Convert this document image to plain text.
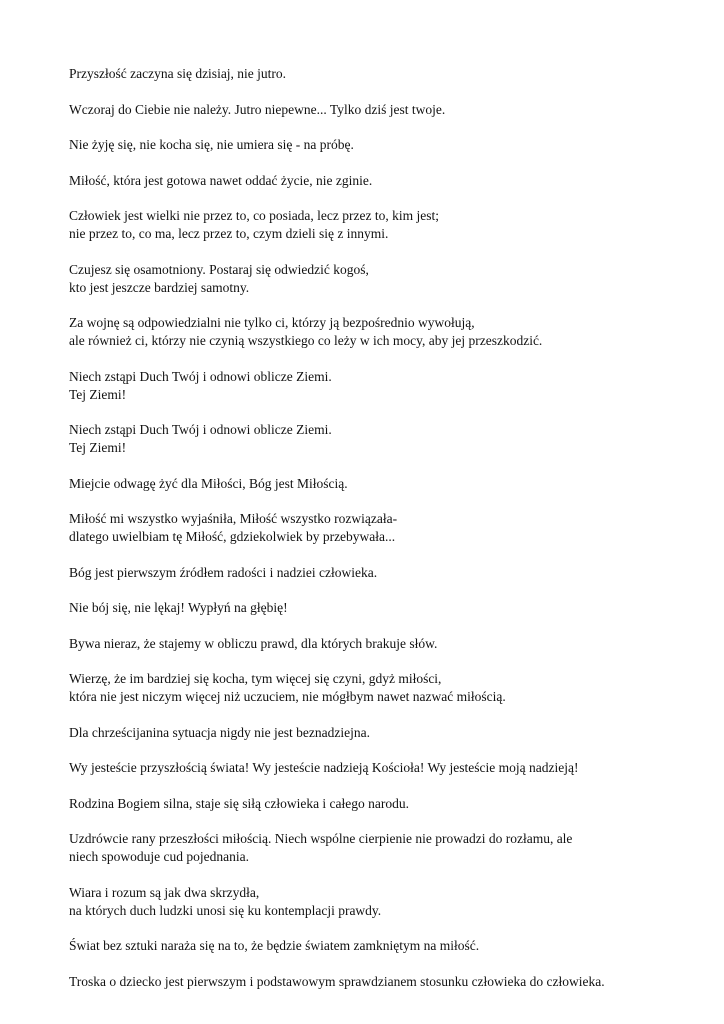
Przyszłość zaczyna się dzisiaj, nie jutro.

Wczoraj do Ciebie nie należy. Jutro niepewne... Tylko dziś jest twoje.

Nie żyję się, nie kocha się, nie umiera się - na próbę.

Miłość, która jest gotowa nawet oddać życie, nie zginie.

Człowiek jest wielki nie przez to, co posiada, lecz przez to, kim jest;
nie przez to, co ma, lecz przez to, czym dzieli się z innymi.

Czujesz się osamotniony. Postaraj się odwiedzić kogoś,
kto jest jeszcze bardziej samotny.

Za wojnę są odpowiedzialni nie tylko ci, którzy ją bezpośrednio wywołują,
ale również ci, którzy nie czynią wszystkiego co leży w ich mocy, aby jej przeszkodzić.

Niech zstąpi Duch Twój i odnowi oblicze Ziemi.
Tej Ziemi!

Niech zstąpi Duch Twój i odnowi oblicze Ziemi.
Tej Ziemi!

Miejcie odwagę żyć dla Miłości, Bóg jest Miłością.

Miłość mi wszystko wyjaśniła, Miłość wszystko rozwiązała-
dlatego uwielbiam tę Miłość, gdziekolwiek by przebywała...

Bóg jest pierwszym źródłem radości i nadziei człowieka.

Nie bój się, nie lękaj! Wypłyń na głębię!

Bywa nieraz, że stajemy w obliczu prawd, dla których brakuje słów.

Wierzę, że im bardziej się kocha, tym więcej się czyni, gdyż miłości,
która nie jest niczym więcej niż uczuciem, nie mógłbym nawet nazwać miłością.

Dla chrześcijanina sytuacja nigdy nie jest beznadziejna.

Wy jesteście przyszłością świata! Wy jesteście nadzieją Kościoła! Wy jesteście moją nadzieją!

Rodzina Bogiem silna, staje się siłą człowieka i całego narodu.

Uzdrówcie rany przeszłości miłością. Niech wspólne cierpienie nie prowadzi do rozłamu, ale
niech spowoduje cud pojednania.

Wiara i rozum są jak dwa skrzydła,
na których duch ludzki unosi się ku kontemplacji prawdy.

Świat bez sztuki naraża się na to, że będzie światem zamkniętym na miłość.

Troska o dziecko jest pierwszym i podstawowym sprawdzianem stosunku człowieka do człowieka.
